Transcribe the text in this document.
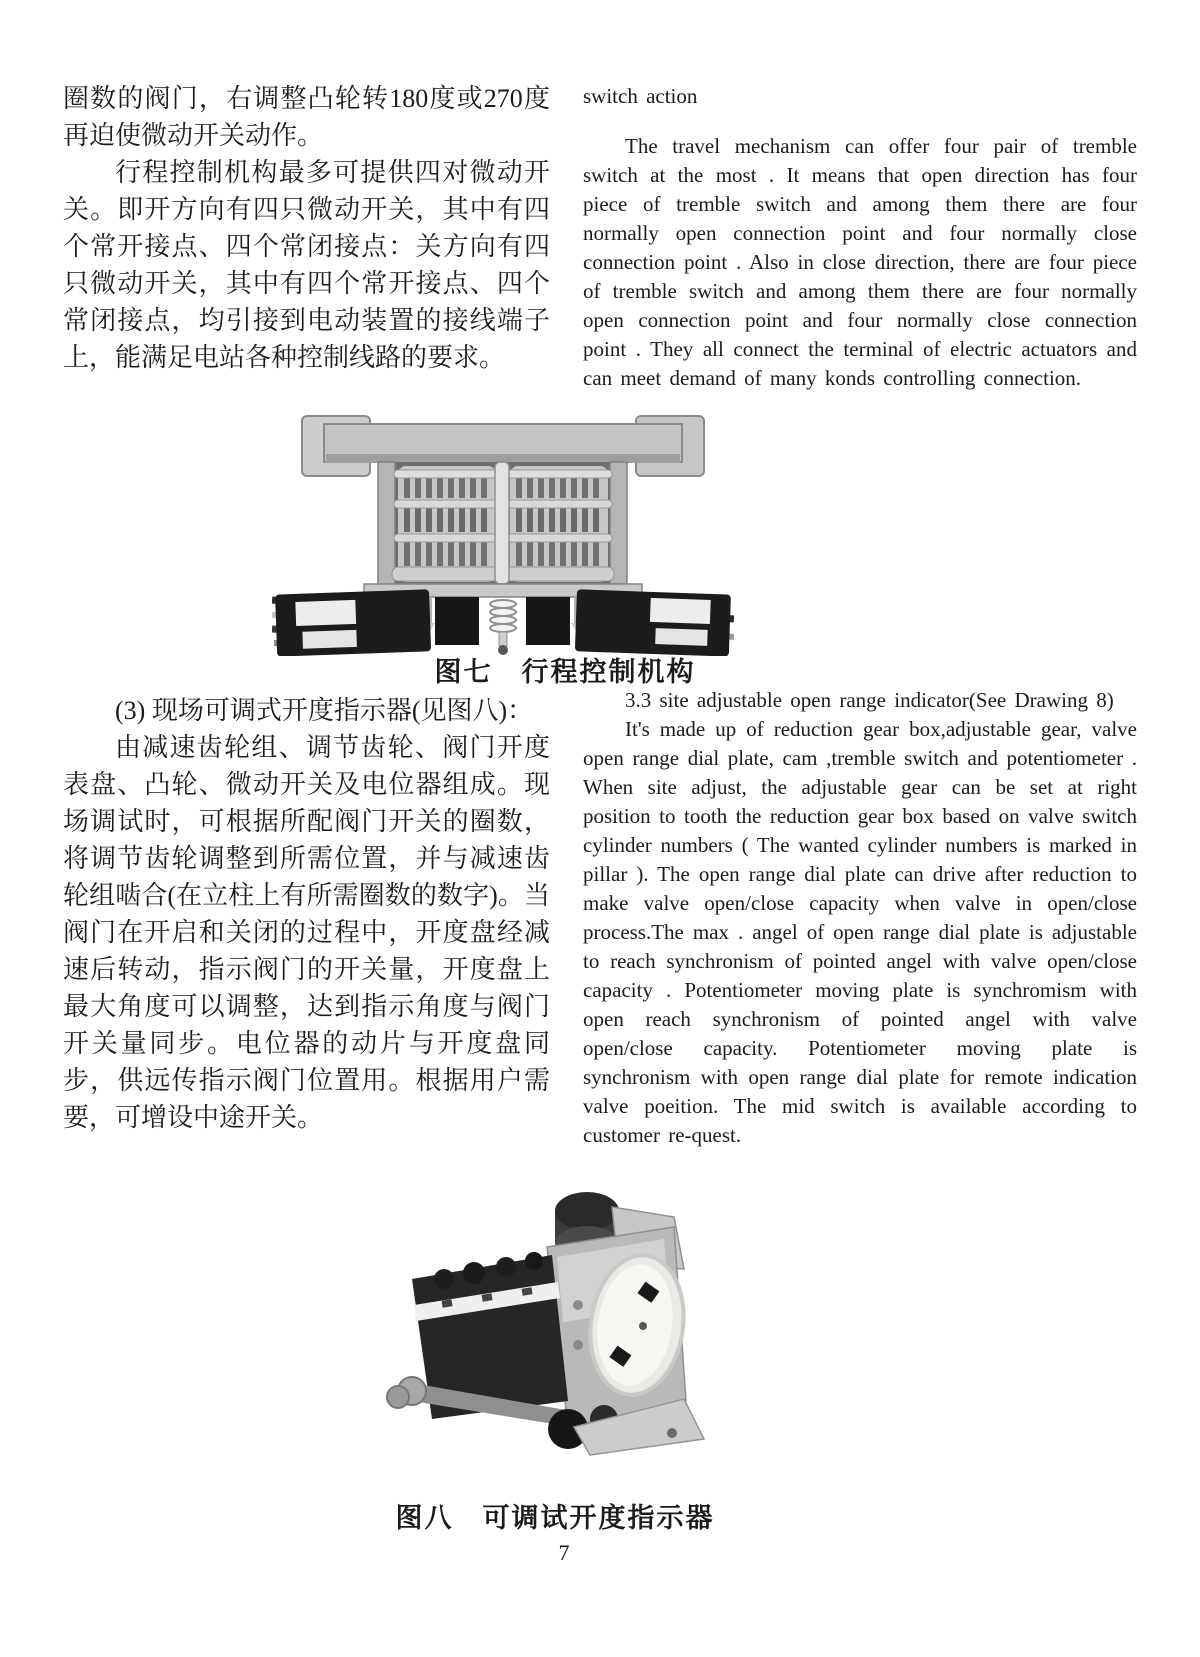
圈数的阀门，右调整凸轮转180度或270度再迫使微动开关动作。

行程控制机构最多可提供四对微动开关。即开方向有四只微动开关，其中有四个常开接点、四个常闭接点：关方向有四只微动开关，其中有四个常开接点、四个常闭接点，均引接到电动装置的接线端子上，能满足电站各种控制线路的要求。

switch action

The travel mechanism can offer four pair of tremble switch at the most . It means that open direction has four piece of tremble switch and among them there are four normally open connection point and four normally close connection point . Also in close direction, there are four piece of tremble switch and among them there are four normally open connection point and four normally close connection point . They all connect the terminal of electric actuators and can meet demand of many konds controlling connection.

图七　行程控制机构

(3) 现场可调式开度指示器(见图八)：

由减速齿轮组、调节齿轮、阀门开度表盘、凸轮、微动开关及电位器组成。现场调试时，可根据所配阀门开关的圈数，将调节齿轮调整到所需位置，并与减速齿轮组啮合(在立柱上有所需圈数的数字)。当阀门在开启和关闭的过程中，开度盘经减速后转动，指示阀门的开关量，开度盘上最大角度可以调整，达到指示角度与阀门开关量同步。电位器的动片与开度盘同步，供远传指示阀门位置用。根据用户需要，可增设中途开关。

3.3 site adjustable open range indicator(See Drawing 8)

It's made up of reduction gear box,adjustable gear, valve open range dial plate, cam ,tremble switch and potentiometer . When site adjust, the adjustable gear can be set at right position to tooth the reduction gear box based on valve switch cylinder numbers ( The wanted cylinder numbers is marked in pillar ). The open range dial plate can drive after reduction to make valve open/close capacity when valve in open/close process.The max . angel of open range dial plate is adjustable to reach synchronism of pointed angel with valve open/close capacity . Potentiometer moving plate is synchromism with open reach synchronism of pointed angel with valve open/close capacity. Potentiometer moving plate is synchronism with open range dial plate for remote indication valve poeition. The mid switch is available according to customer re-quest.

图八　可调试开度指示器
7
